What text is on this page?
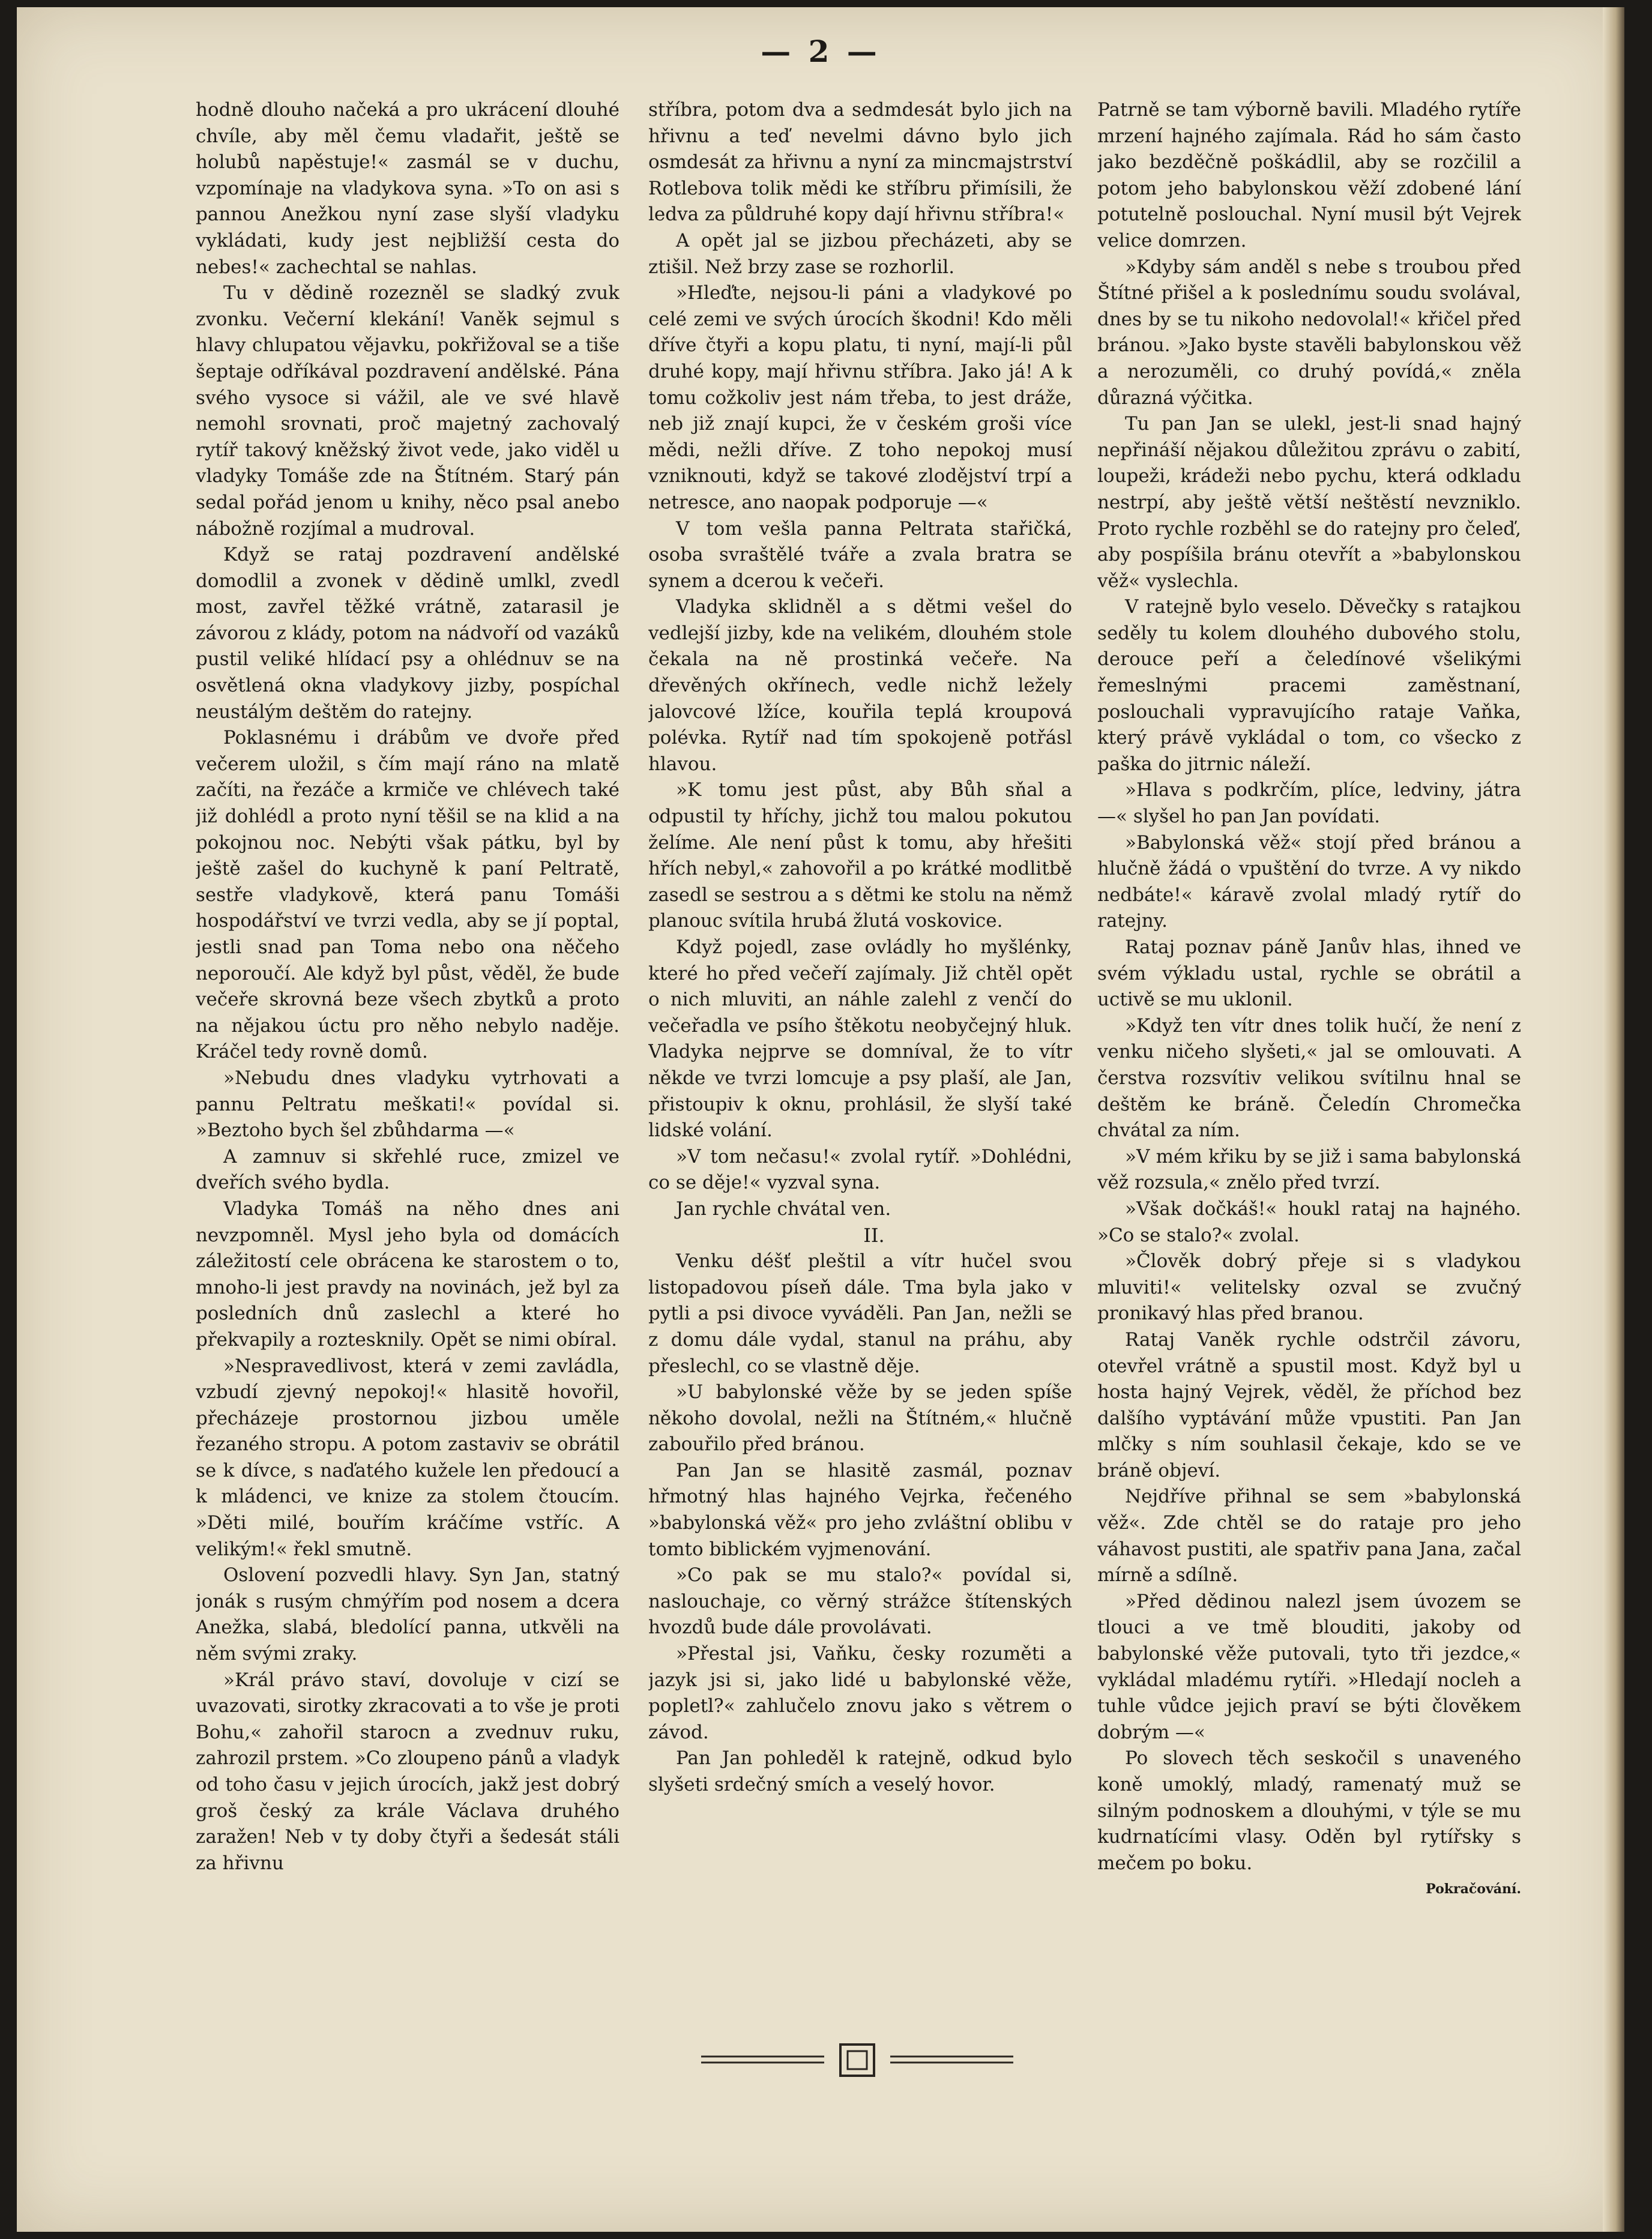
— 2 —

hodně dlouho načeká a pro ukrácení dlouhé chvíle, aby měl čemu vladařit, ještě se holubů napěstuje!« zasmál se v duchu, vzpomínaje na vladykova syna. »To on asi s pannou Anežkou nyní zase slyší vladyku vykládati, kudy jest nejbližší cesta do nebes!« zachechtal se nahlas.

Tu v dědině rozezněl se sladký zvuk zvonku. Večerní klekání! Vaněk sejmul s hlavy chlupatou vějavku, pokřižoval se a tiše šeptaje odříkával pozdravení andělské. Pána svého vysoce si vážil, ale ve své hlavě nemohl srovnati, proč majetný zachovalý rytíř takový kněžský život vede, jako viděl u vladyky Tomáše zde na Štítném. Starý pán sedal pořád jenom u knihy, něco psal anebo nábožně rozjímal a mudroval.

Když se rataj pozdravení andělské domodlil a zvonek v dědině umlkl, zvedl most, zavřel těžké vrátně, zatarasil je závorou z klády, potom na nádvoří od vazáků pustil veliké hlídací psy a ohlédnuv se na osvětlená okna vladykovy jizby, pospíchal neustálým deštěm do ratejny.

Poklasnému i drábům ve dvoře před večerem uložil, s čím mají ráno na mlatě začíti, na řezáče a krmiče ve chlévech také již dohlédl a proto nyní těšil se na klid a na pokojnou noc. Nebýti však pátku, byl by ještě zašel do kuchyně k paní Peltratě, sestře vladykově, která panu Tomáši hospodářství ve tvrzi vedla, aby se jí poptal, jestli snad pan Toma nebo ona něčeho neporoučí. Ale když byl půst, věděl, že bude večeře skrovná beze všech zbytků a proto na nějakou úctu pro něho nebylo naděje. Kráčel tedy rovně domů.

»Nebudu dnes vladyku vytrhovati a pannu Peltratu meškati!« povídal si. »Beztoho bych šel zbůhdarma —«

A zamnuv si skřehlé ruce, zmizel ve dveřích svého bydla.

Vladyka Tomáš na něho dnes ani nevzpomněl. Mysl jeho byla od domácích záležitostí cele obrácena ke starostem o to, mnoho-li jest pravdy na novinách, jež byl za posledních dnů zaslechl a které ho překvapily a roztesknily. Opět se nimi obíral.

»Nespravedlivost, která v zemi zavládla, vzbudí zjevný nepokoj!« hlasitě hovořil, přecházeje prostornou jizbou uměle řezaného stropu. A potom zastaviv se obrátil se k dívce, s naďatého kužele len předoucí a k mládenci, ve knize za stolem čtoucím. »Děti milé, bouřím kráčíme vstříc. A velikým!« řekl smutně.

Oslovení pozvedli hlavy. Syn Jan, statný jonák s rusým chmýřím pod nosem a dcera Anežka, slabá, bledolící panna, utkvěli na něm svými zraky.

»Král právo staví, dovoluje v cizí se uvazovati, sirotky zkracovati a to vše je proti Bohu,« zahořil starocn a zvednuv ruku, zahrozil prstem. »Co zloupeno pánů a vladyk od toho času v jejich úrocích, jakž jest dobrý groš český za krále Václava druhého zaražen! Neb v ty doby čtyři a šedesát stáli za hřivnu

stříbra, potom dva a sedmdesát bylo jich na hřivnu a teď nevelmi dávno bylo jich osmdesát za hřivnu a nyní za mincmajstrství Rotlebova tolik mědi ke stříbru přimísili, že ledva za půldruhé kopy dají hřivnu stříbra!«

A opět jal se jizbou přecházeti, aby se ztišil. Než brzy zase se rozhorlil.

»Hleďte, nejsou-li páni a vladykové po celé zemi ve svých úrocích škodni! Kdo měli dříve čtyři a kopu platu, ti nyní, mají-li půl druhé kopy, mají hřivnu stříbra. Jako já! A k tomu cožkoliv jest nám třeba, to jest dráže, neb již znají kupci, že v českém groši více mědi, nežli dříve. Z toho nepokoj musí vzniknouti, když se takové zlodějství trpí a netresce, ano naopak podporuje —«

V tom vešla panna Peltrata stařičká, osoba svraštělé tváře a zvala bratra se synem a dcerou k večeři.

Vladyka sklidněl a s dětmi vešel do vedlejší jizby, kde na velikém, dlouhém stole čekala na ně prostinká večeře. Na dřevěných okřínech, vedle nichž ležely jalovcové lžíce, kouřila teplá kroupová polévka. Rytíř nad tím spokojeně potřásl hlavou.

»K tomu jest půst, aby Bůh sňal a odpustil ty hříchy, jichž tou malou pokutou želíme. Ale není půst k tomu, aby hřešiti hřích nebyl,« zahovořil a po krátké modlitbě zasedl se sestrou a s dětmi ke stolu na němž planouc svítila hrubá žlutá voskovice.

Když pojedl, zase ovládly ho myšlénky, které ho před večeří zajímaly. Již chtěl opět o nich mluviti, an náhle zalehl z venčí do večeřadla ve psího štěkotu neobyčejný hluk. Vladyka nejprve se domníval, že to vítr někde ve tvrzi lomcuje a psy plaší, ale Jan, přistoupiv k oknu, prohlásil, že slyší také lidské volání.

»V tom nečasu!« zvolal rytíř. »Dohlédni, co se děje!« vyzval syna.

Jan rychle chvátal ven.

II.

Venku déšť pleštil a vítr hučel svou listopadovou píseň dále. Tma byla jako v pytli a psi divoce vyváděli. Pan Jan, nežli se z domu dále vydal, stanul na práhu, aby přeslechl, co se vlastně děje.

»U babylonské věže by se jeden spíše někoho dovolal, nežli na Štítném,« hlučně zabouřilo před bránou.

Pan Jan se hlasitě zasmál, poznav hřmotný hlas hajného Vejrka, řečeného »babylonská věž« pro jeho zvláštní oblibu v tomto biblickém vyjmenování.

»Co pak se mu stalo?« povídal si, naslouchaje, co věrný strážce štítenských hvozdů bude dále provolávati.

»Přestal jsi, Vaňku, česky rozuměti a jazyk jsi si, jako lidé u babylonské věže, popletl?« zahlučelo znovu jako s větrem o závod.

Pan Jan pohleděl k ratejně, odkud bylo slyšeti srdečný smích a veselý hovor.

Patrně se tam výborně bavili. Mladého rytíře mrzení hajného zajímala. Rád ho sám často jako bezděčně poškádlil, aby se rozčilil a potom jeho babylonskou věží zdobené lání potutelně poslouchal. Nyní musil být Vejrek velice domrzen.

»Kdyby sám anděl s nebe s troubou před Štítné přišel a k poslednímu soudu svolával, dnes by se tu nikoho nedovolal!« křičel před bránou. »Jako byste stavěli babylonskou věž a nerozuměli, co druhý povídá,« zněla důrazná výčitka.

Tu pan Jan se ulekl, jest-li snad hajný nepřináší nějakou důležitou zprávu o zabití, loupeži, krádeži nebo pychu, která odkladu nestrpí, aby ještě větší neštěstí nevzniklo. Proto rychle rozběhl se do ratejny pro čeleď, aby pospíšila bránu otevřít a »babylonskou věž« vyslechla.

V ratejně bylo veselo. Děvečky s ratajkou seděly tu kolem dlouhého dubového stolu, derouce peří a čeledínové všelikými řemeslnými pracemi zaměstnaní, poslouchali vypravujícího rataje Vaňka, který právě vykládal o tom, co všecko z paška do jitrnic náleží.

»Hlava s podkrčím, plíce, ledviny, játra —« slyšel ho pan Jan povídati.

»Babylonská věž« stojí před bránou a hlučně žádá o vpuštění do tvrze. A vy nikdo nedbáte!« káravě zvolal mladý rytíř do ratejny.

Rataj poznav páně Janův hlas, ihned ve svém výkladu ustal, rychle se obrátil a uctivě se mu uklonil.

»Když ten vítr dnes tolik hučí, že není z venku ničeho slyšeti,« jal se omlouvati. A čerstva rozsvítiv velikou svítilnu hnal se deštěm ke bráně. Čeledín Chromečka chvátal za ním.

»V mém křiku by se již i sama babylonská věž rozsula,« znělo před tvrzí.

»Však dočkáš!« houkl rataj na hajného. »Co se stalo?« zvolal.

»Člověk dobrý přeje si s vladykou mluviti!« velitelsky ozval se zvučný pronikavý hlas před branou.

Rataj Vaněk rychle odstrčil závoru, otevřel vrátně a spustil most. Když byl u hosta hajný Vejrek, věděl, že příchod bez dalšího vyptávání může vpustiti. Pan Jan mlčky s ním souhlasil čekaje, kdo se ve bráně objeví.

Nejdříve přihnal se sem »babylonská věž«. Zde chtěl se do rataje pro jeho váhavost pustiti, ale spatřiv pana Jana, začal mírně a sdílně.

»Před dědinou nalezl jsem úvozem se tlouci a ve tmě blouditi, jakoby od babylonské věže putovali, tyto tři jezdce,« vykládal mladému rytíři. »Hledají nocleh a tuhle vůdce jejich praví se býti člověkem dobrým —«

Po slovech těch seskočil s unaveného koně umoklý, mladý, ramenatý muž se silným podnoskem a dlouhými, v týle se mu kudrnatícími vlasy. Oděn byl rytířsky s mečem po boku.

Pokračování.
